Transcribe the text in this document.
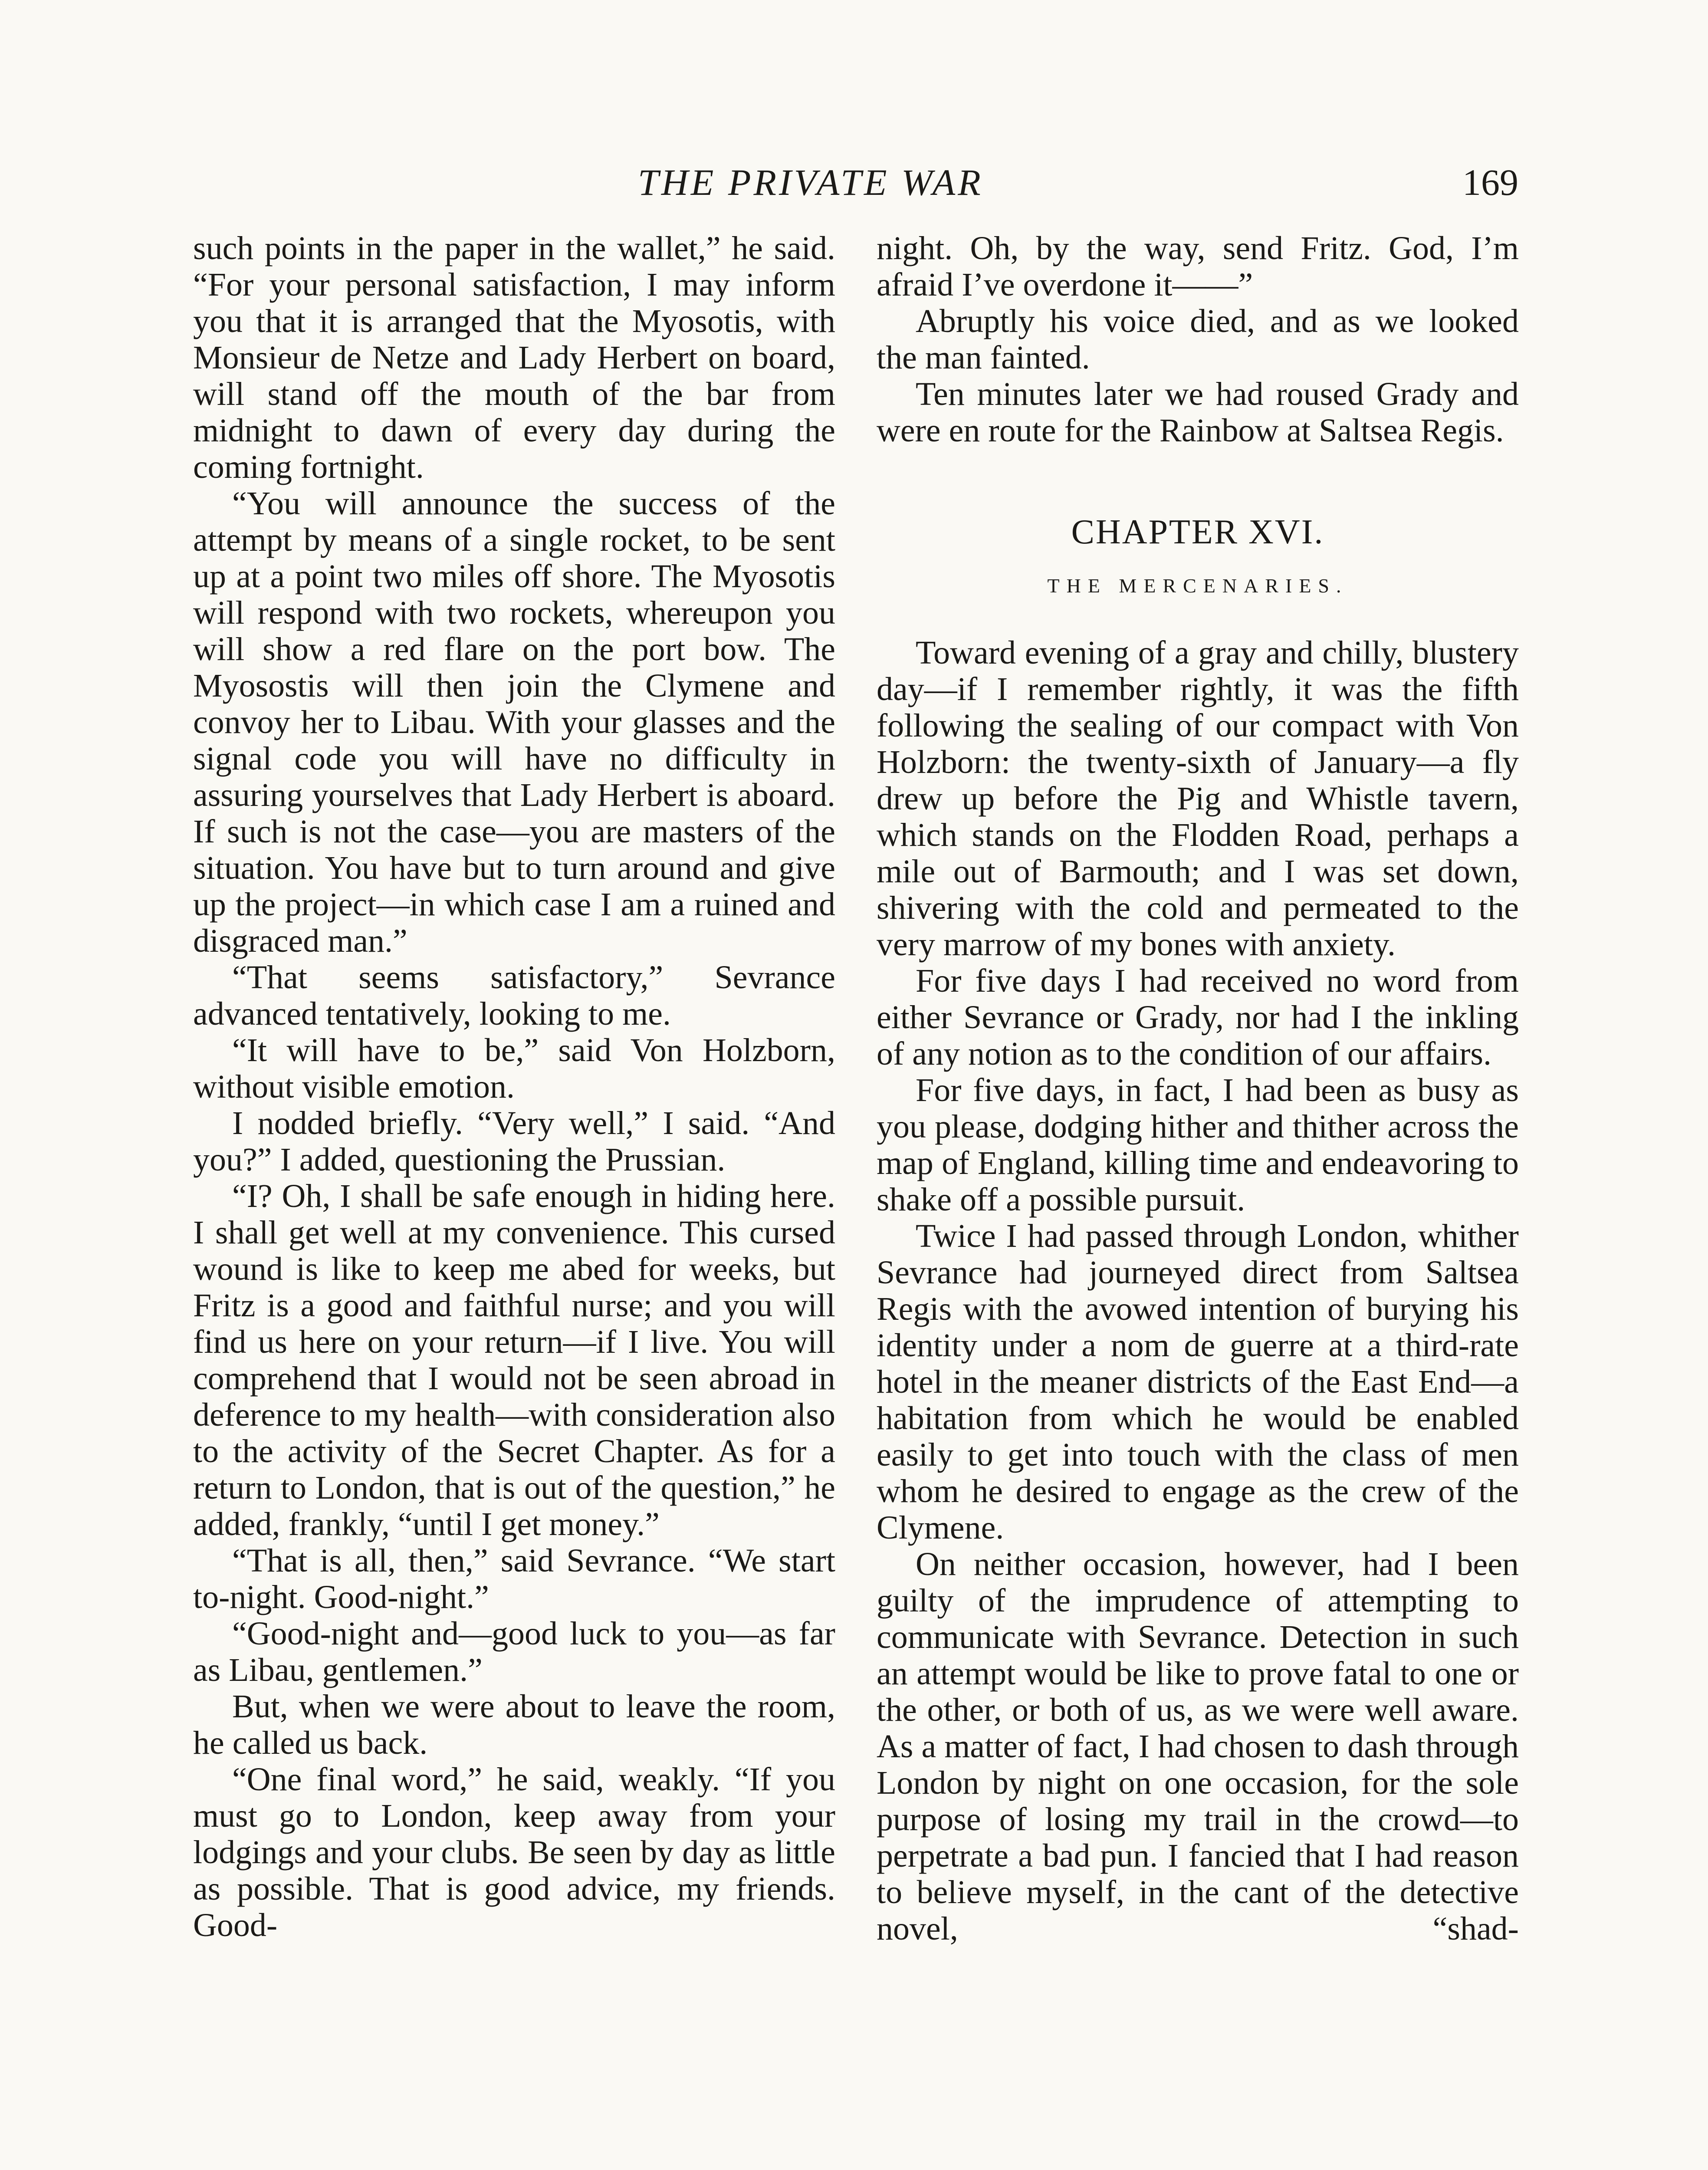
THE PRIVATE WAR	169

such points in the paper in the wallet,” he said. “For your personal satisfaction, I may inform you that it is arranged that the Myosotis, with Monsieur de Netze and Lady Herbert on board, will stand off the mouth of the bar from midnight to dawn of every day during the coming fortnight.

“You will announce the success of the attempt by means of a single rocket, to be sent up at a point two miles off shore. The Myosotis will respond with two rockets, whereupon you will show a red flare on the port bow. The Myosostis will then join the Clymene and convoy her to Libau. With your glasses and the signal code you will have no difficulty in assuring yourselves that Lady Herbert is aboard. If such is not the case—you are masters of the situation. You have but to turn around and give up the project—in which case I am a ruined and disgraced man.”

“That seems satisfactory,” Sevrance advanced tentatively, looking to me.

“It will have to be,” said Von Holzborn, without visible emotion.

I nodded briefly. “Very well,” I said. “And you?” I added, questioning the Prussian.

“I? Oh, I shall be safe enough in hiding here. I shall get well at my convenience. This cursed wound is like to keep me abed for weeks, but Fritz is a good and faithful nurse; and you will find us here on your return—if I live. You will comprehend that I would not be seen abroad in deference to my health—with consideration also to the activity of the Secret Chapter. As for a return to London, that is out of the question,” he added, frankly, “until I get money.”

“That is all, then,” said Sevrance. “We start to-night. Good-night.”

“Good-night and—good luck to you—as far as Libau, gentlemen.”

But, when we were about to leave the room, he called us back.

“One final word,” he said, weakly. “If you must go to London, keep away from your lodgings and your clubs. Be seen by day as little as possible. That is good advice, my friends. Good-

night. Oh, by the way, send Fritz. God, I’m afraid I’ve overdone it——”

Abruptly his voice died, and as we looked the man fainted.

Ten minutes later we had roused Grady and were en route for the Rainbow at Saltsea Regis.

CHAPTER XVI.
THE MERCENARIES.

Toward evening of a gray and chilly, blustery day—if I remember rightly, it was the fifth following the sealing of our compact with Von Holzborn: the twenty-sixth of January—a fly drew up before the Pig and Whistle tavern, which stands on the Flodden Road, perhaps a mile out of Barmouth; and I was set down, shivering with the cold and permeated to the very marrow of my bones with anxiety.

For five days I had received no word from either Sevrance or Grady, nor had I the inkling of any notion as to the condition of our affairs.

For five days, in fact, I had been as busy as you please, dodging hither and thither across the map of England, killing time and endeavoring to shake off a possible pursuit.

Twice I had passed through London, whither Sevrance had journeyed direct from Saltsea Regis with the avowed intention of burying his identity under a nom de guerre at a third-rate hotel in the meaner districts of the East End—a habitation from which he would be enabled easily to get into touch with the class of men whom he desired to engage as the crew of the Clymene.

On neither occasion, however, had I been guilty of the imprudence of attempting to communicate with Sevrance. Detection in such an attempt would be like to prove fatal to one or the other, or both of us, as we were well aware. As a matter of fact, I had chosen to dash through London by night on one occasion, for the sole purpose of losing my trail in the crowd—to perpetrate a bad pun. I fancied that I had reason to believe myself, in the cant of the detective novel, “shad-
